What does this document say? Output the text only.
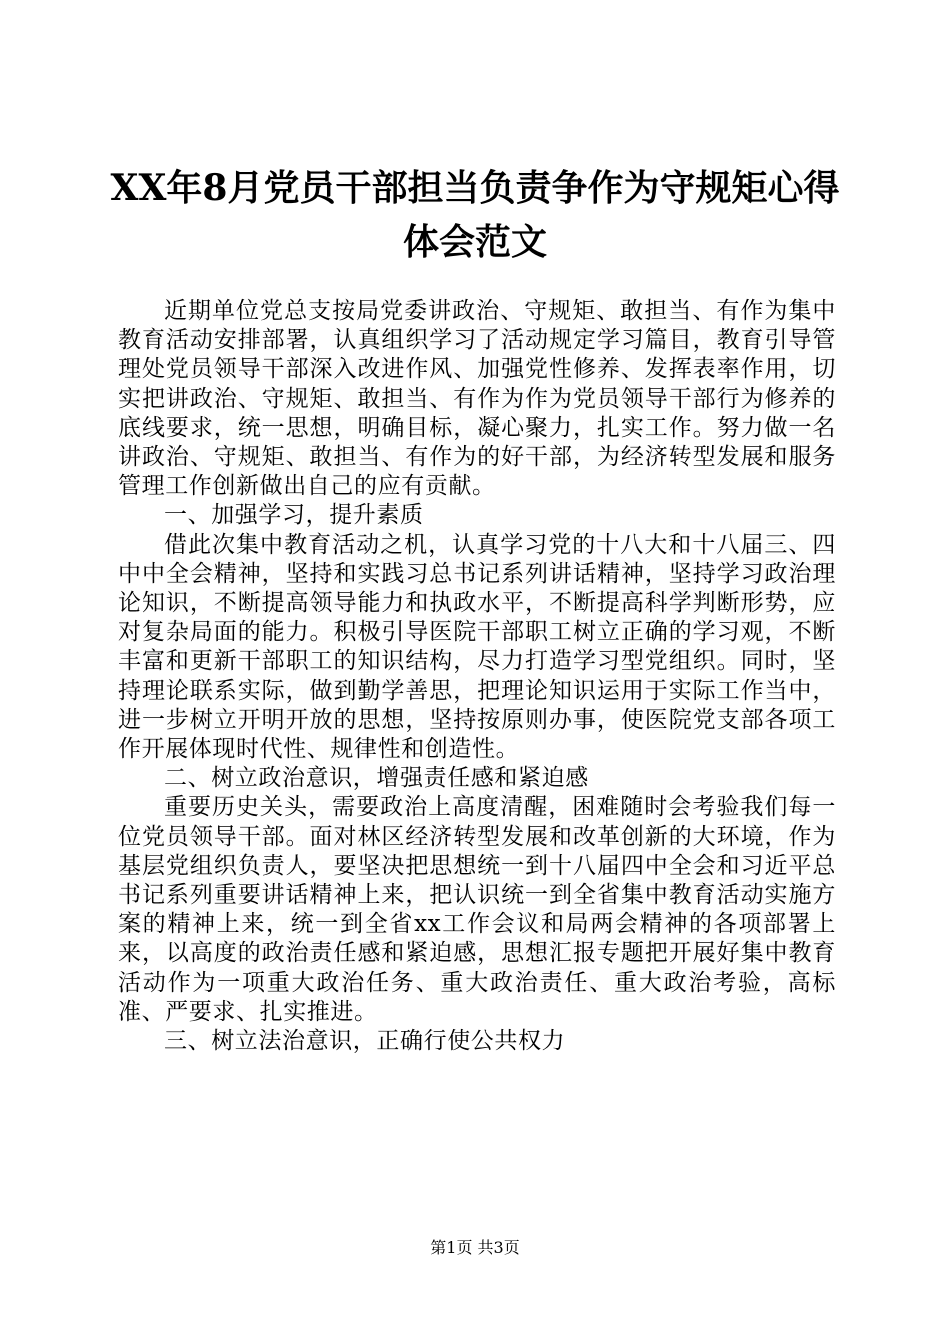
XX年8月党员干部担当负责争作为守规矩心得
体会范文

近期单位党总支按局党委讲政治、守规矩、敢担当、有作为集中教育活动安排部署，认真组织学习了活动规定学习篇目，教育引导管理处党员领导干部深入改进作风、加强党性修养、发挥表率作用，切实把讲政治、守规矩、敢担当、有作为作为党员领导干部行为修养的底线要求，统一思想，明确目标，凝心聚力，扎实工作。努力做一名讲政治、守规矩、敢担当、有作为的好干部，为经济转型发展和服务管理工作创新做出自己的应有贡献。

一、加强学习，提升素质

借此次集中教育活动之机，认真学习党的十八大和十八届三、四中中全会精神，坚持和实践习总书记系列讲话精神，坚持学习政治理论知识，不断提高领导能力和执政水平，不断提高科学判断形势，应对复杂局面的能力。积极引导医院干部职工树立正确的学习观，不断丰富和更新干部职工的知识结构，尽力打造学习型党组织。同时，坚持理论联系实际，做到勤学善思，把理论知识运用于实际工作当中，进一步树立开明开放的思想，坚持按原则办事，使医院党支部各项工作开展体现时代性、规律性和创造性。

二、树立政治意识，增强责任感和紧迫感

重要历史关头，需要政治上高度清醒，困难随时会考验我们每一位党员领导干部。面对林区经济转型发展和改革创新的大环境，作为基层党组织负责人，要坚决把思想统一到十八届四中全会和习近平总书记系列重要讲话精神上来，把认识统一到全省集中教育活动实施方案的精神上来，统一到全省xx工作会议和局两会精神的各项部署上来，以高度的政治责任感和紧迫感，思想汇报专题把开展好集中教育活动作为一项重大政治任务、重大政治责任、重大政治考验，高标准、严要求、扎实推进。

三、树立法治意识，正确行使公共权力

第1页 共3页
